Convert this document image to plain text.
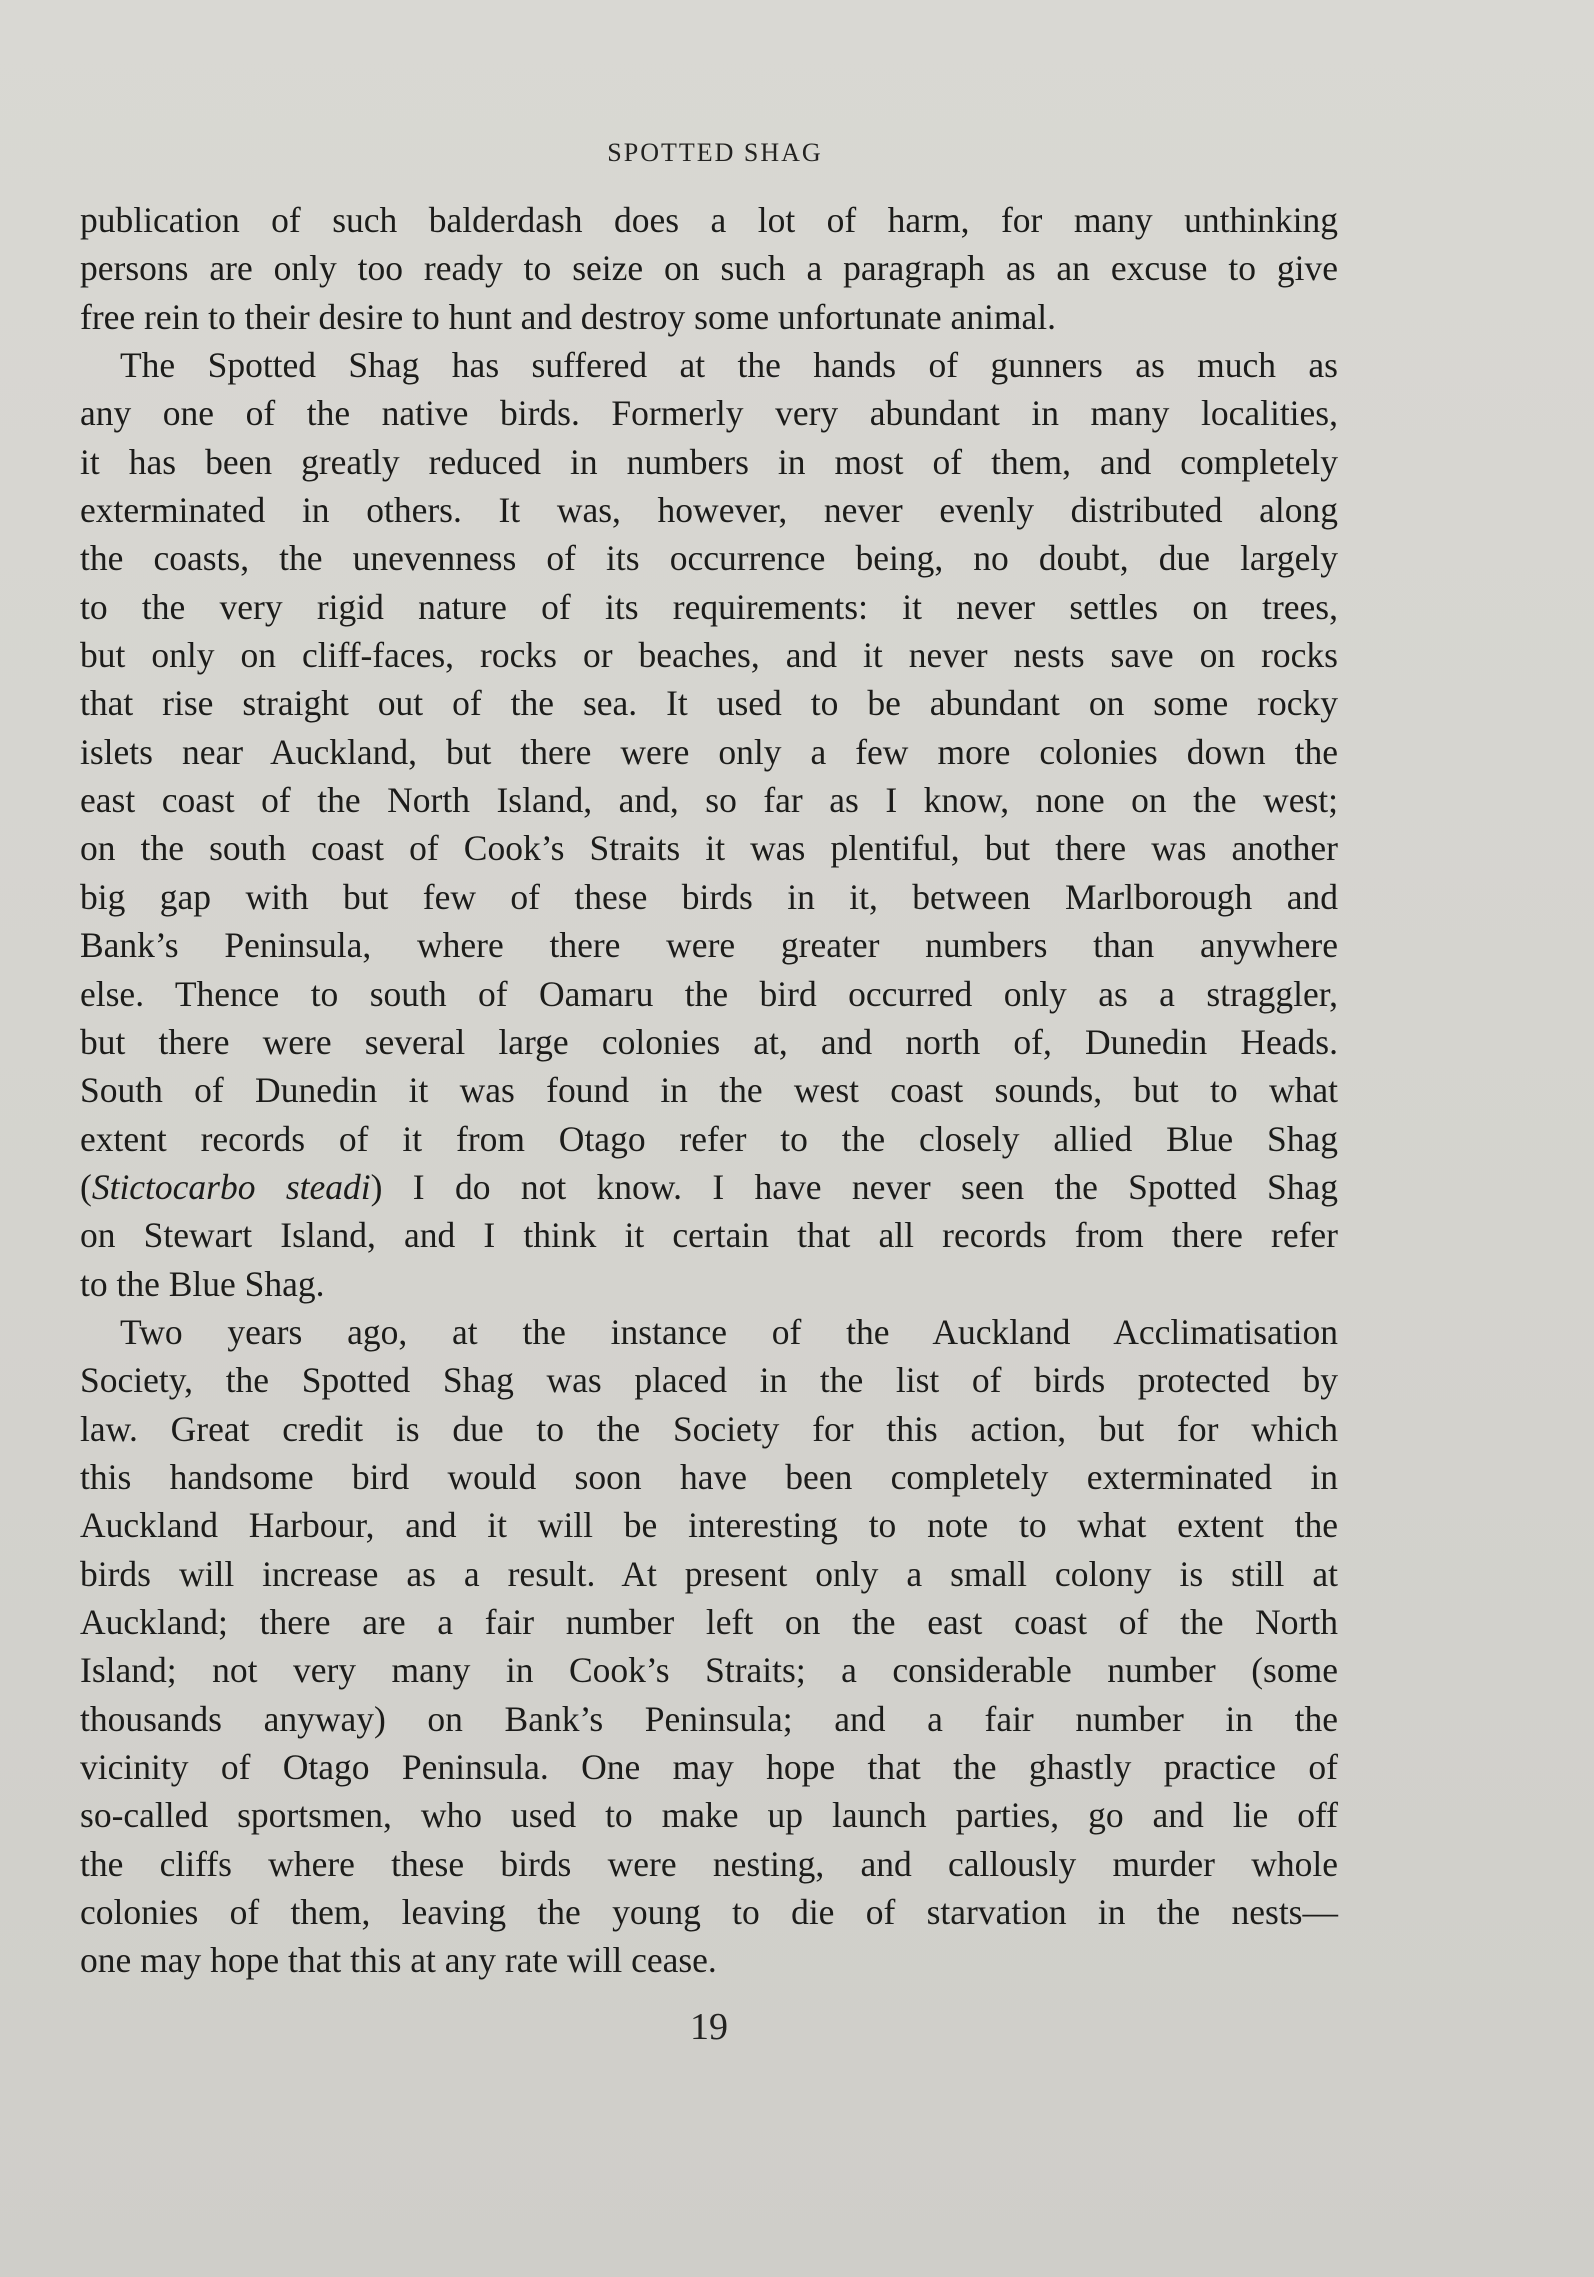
SPOTTED SHAG
publication of such balderdash does a lot of harm, for many unthinking
persons are only too ready to seize on such a paragraph as an excuse to give
free rein to their desire to hunt and destroy some unfortunate animal.
The Spotted Shag has suffered at the hands of gunners as much as
any one of the native birds. Formerly very abundant in many localities,
it has been greatly reduced in numbers in most of them, and completely
exterminated in others. It was, however, never evenly distributed along
the coasts, the unevenness of its occurrence being, no doubt, due largely
to the very rigid nature of its requirements: it never settles on trees,
but only on cliff-faces, rocks or beaches, and it never nests save on rocks
that rise straight out of the sea. It used to be abundant on some rocky
islets near Auckland, but there were only a few more colonies down the
east coast of the North Island, and, so far as I know, none on the west;
on the south coast of Cook’s Straits it was plentiful, but there was another
big gap with but few of these birds in it, between Marlborough and
Bank’s Peninsula, where there were greater numbers than anywhere
else. Thence to south of Oamaru the bird occurred only as a straggler,
but there were several large colonies at, and north of, Dunedin Heads.
South of Dunedin it was found in the west coast sounds, but to what
extent records of it from Otago refer to the closely allied Blue Shag
(Stictocarbo steadi) I do not know. I have never seen the Spotted Shag
on Stewart Island, and I think it certain that all records from there refer
to the Blue Shag.
Two years ago, at the instance of the Auckland Acclimatisation
Society, the Spotted Shag was placed in the list of birds protected by
law. Great credit is due to the Society for this action, but for which
this handsome bird would soon have been completely exterminated in
Auckland Harbour, and it will be interesting to note to what extent the
birds will increase as a result. At present only a small colony is still at
Auckland; there are a fair number left on the east coast of the North
Island; not very many in Cook’s Straits; a considerable number (some
thousands anyway) on Bank’s Peninsula; and a fair number in the
vicinity of Otago Peninsula. One may hope that the ghastly practice of
so-called sportsmen, who used to make up launch parties, go and lie off
the cliffs where these birds were nesting, and callously murder whole
colonies of them, leaving the young to die of starvation in the nests—
one may hope that this at any rate will cease.
19
